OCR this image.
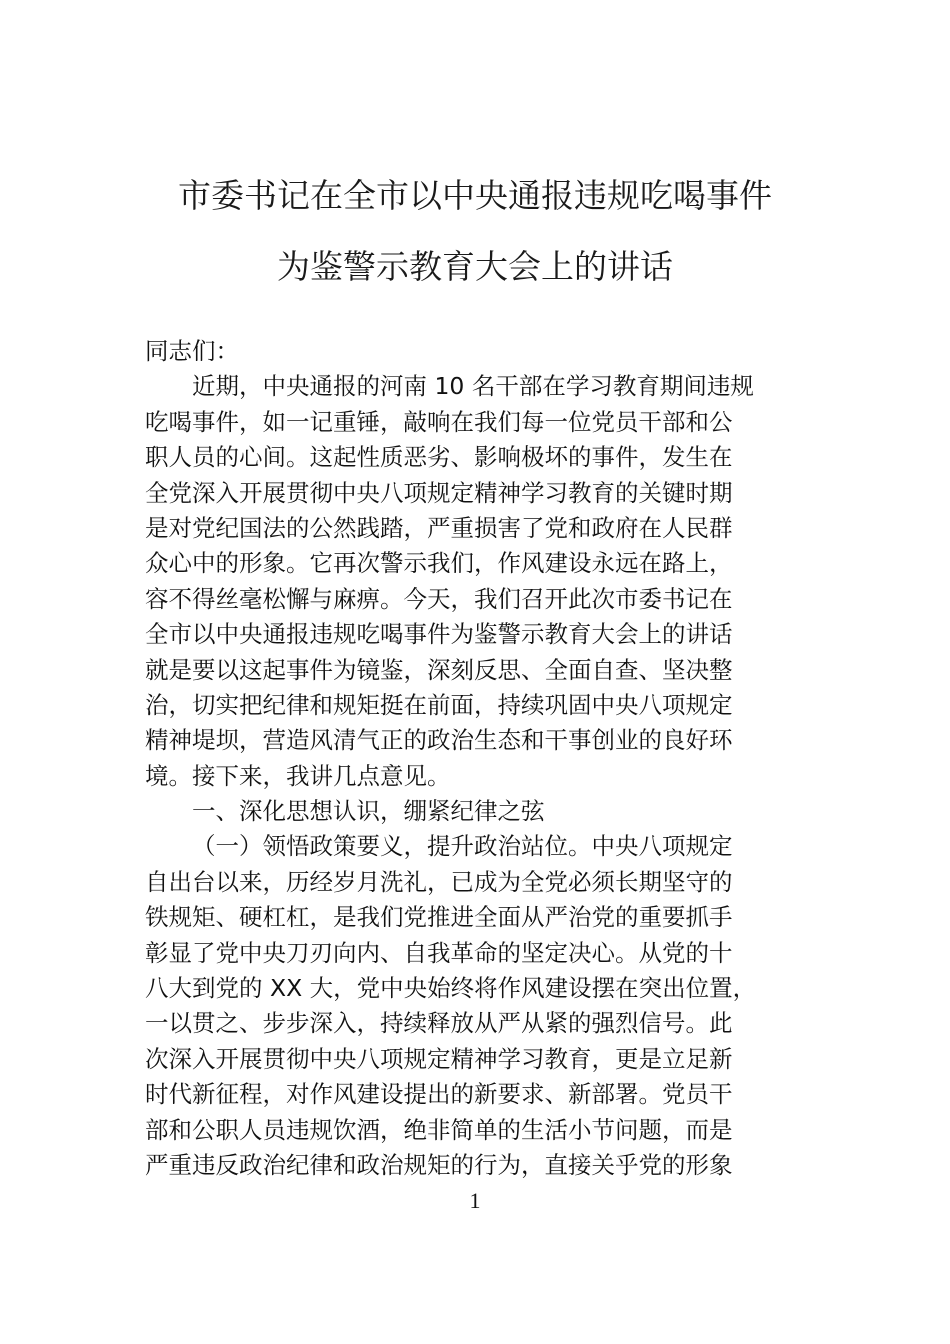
市委书记在全市以中央通报违规吃喝事件
为鉴警示教育大会上的讲话
同志们：
近期，中央通报的河南 10 名干部在学习教育期间违规
吃喝事件，如一记重锤，敲响在我们每一位党员干部和公
职人员的心间。这起性质恶劣、影响极坏的事件，发生在
全党深入开展贯彻中央八项规定精神学习教育的关键时期
是对党纪国法的公然践踏，严重损害了党和政府在人民群
众心中的形象。它再次警示我们，作风建设永远在路上，
容不得丝毫松懈与麻痹。今天，我们召开此次市委书记在
全市以中央通报违规吃喝事件为鉴警示教育大会上的讲话
就是要以这起事件为镜鉴，深刻反思、全面自查、坚决整
治，切实把纪律和规矩挺在前面，持续巩固中央八项规定
精神堤坝，营造风清气正的政治生态和干事创业的良好环
境。接下来，我讲几点意见。
一、深化思想认识，绷紧纪律之弦
（一）领悟政策要义，提升政治站位。中央八项规定
自出台以来，历经岁月洗礼，已成为全党必须长期坚守的
铁规矩、硬杠杠，是我们党推进全面从严治党的重要抓手
彰显了党中央刀刃向内、自我革命的坚定决心。从党的十
八大到党的 XX 大，党中央始终将作风建设摆在突出位置，
一以贯之、步步深入，持续释放从严从紧的强烈信号。此
次深入开展贯彻中央八项规定精神学习教育，更是立足新
时代新征程，对作风建设提出的新要求、新部署。党员干
部和公职人员违规饮酒，绝非简单的生活小节问题，而是
严重违反政治纪律和政治规矩的行为，直接关乎党的形象
1
